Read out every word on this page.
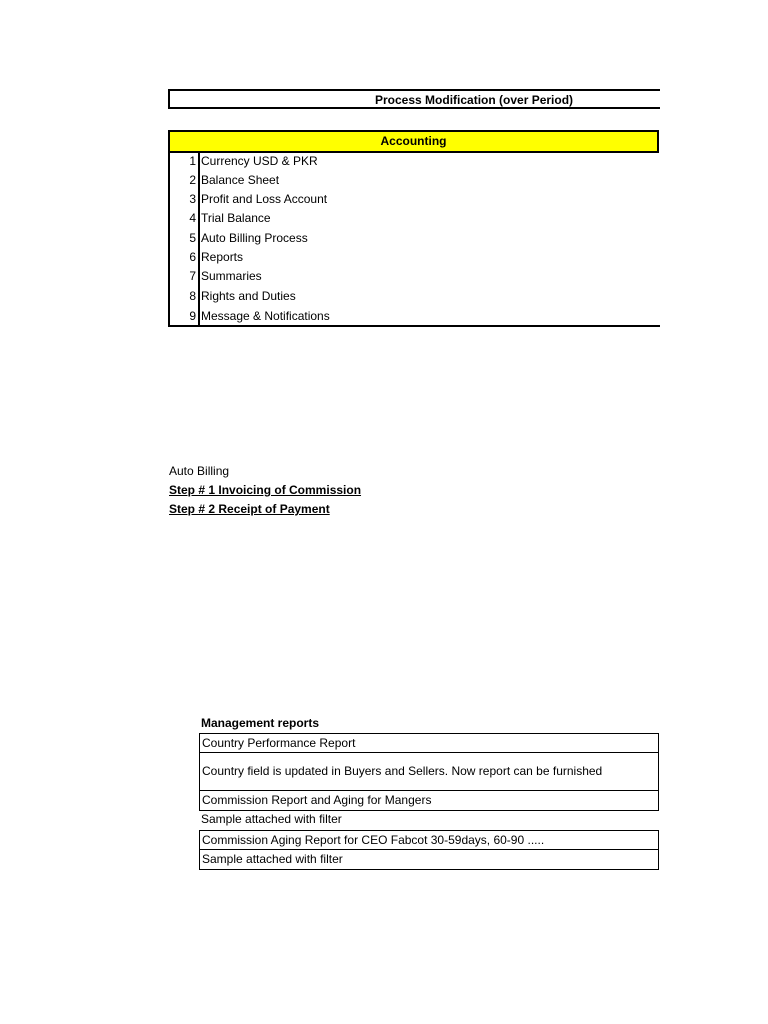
Process Modification (over Period)
Accounting
1 Currency USD & PKR
2 Balance Sheet
3 Profit and Loss Account
4 Trial Balance
5 Auto Billing Process
6 Reports
7 Summaries
8 Rights and Duties
9 Message & Notifications
Auto Billing
Step # 1 Invoicing of Commission
Step # 2 Receipt of Payment
Management reports
Country Performance Report
Country field is updated in Buyers and Sellers. Now report can be furnished
Commission Report and Aging for Mangers
Sample attached with filter
Commission Aging Report for CEO Fabcot 30-59days, 60-90 .....
Sample attached with filter
